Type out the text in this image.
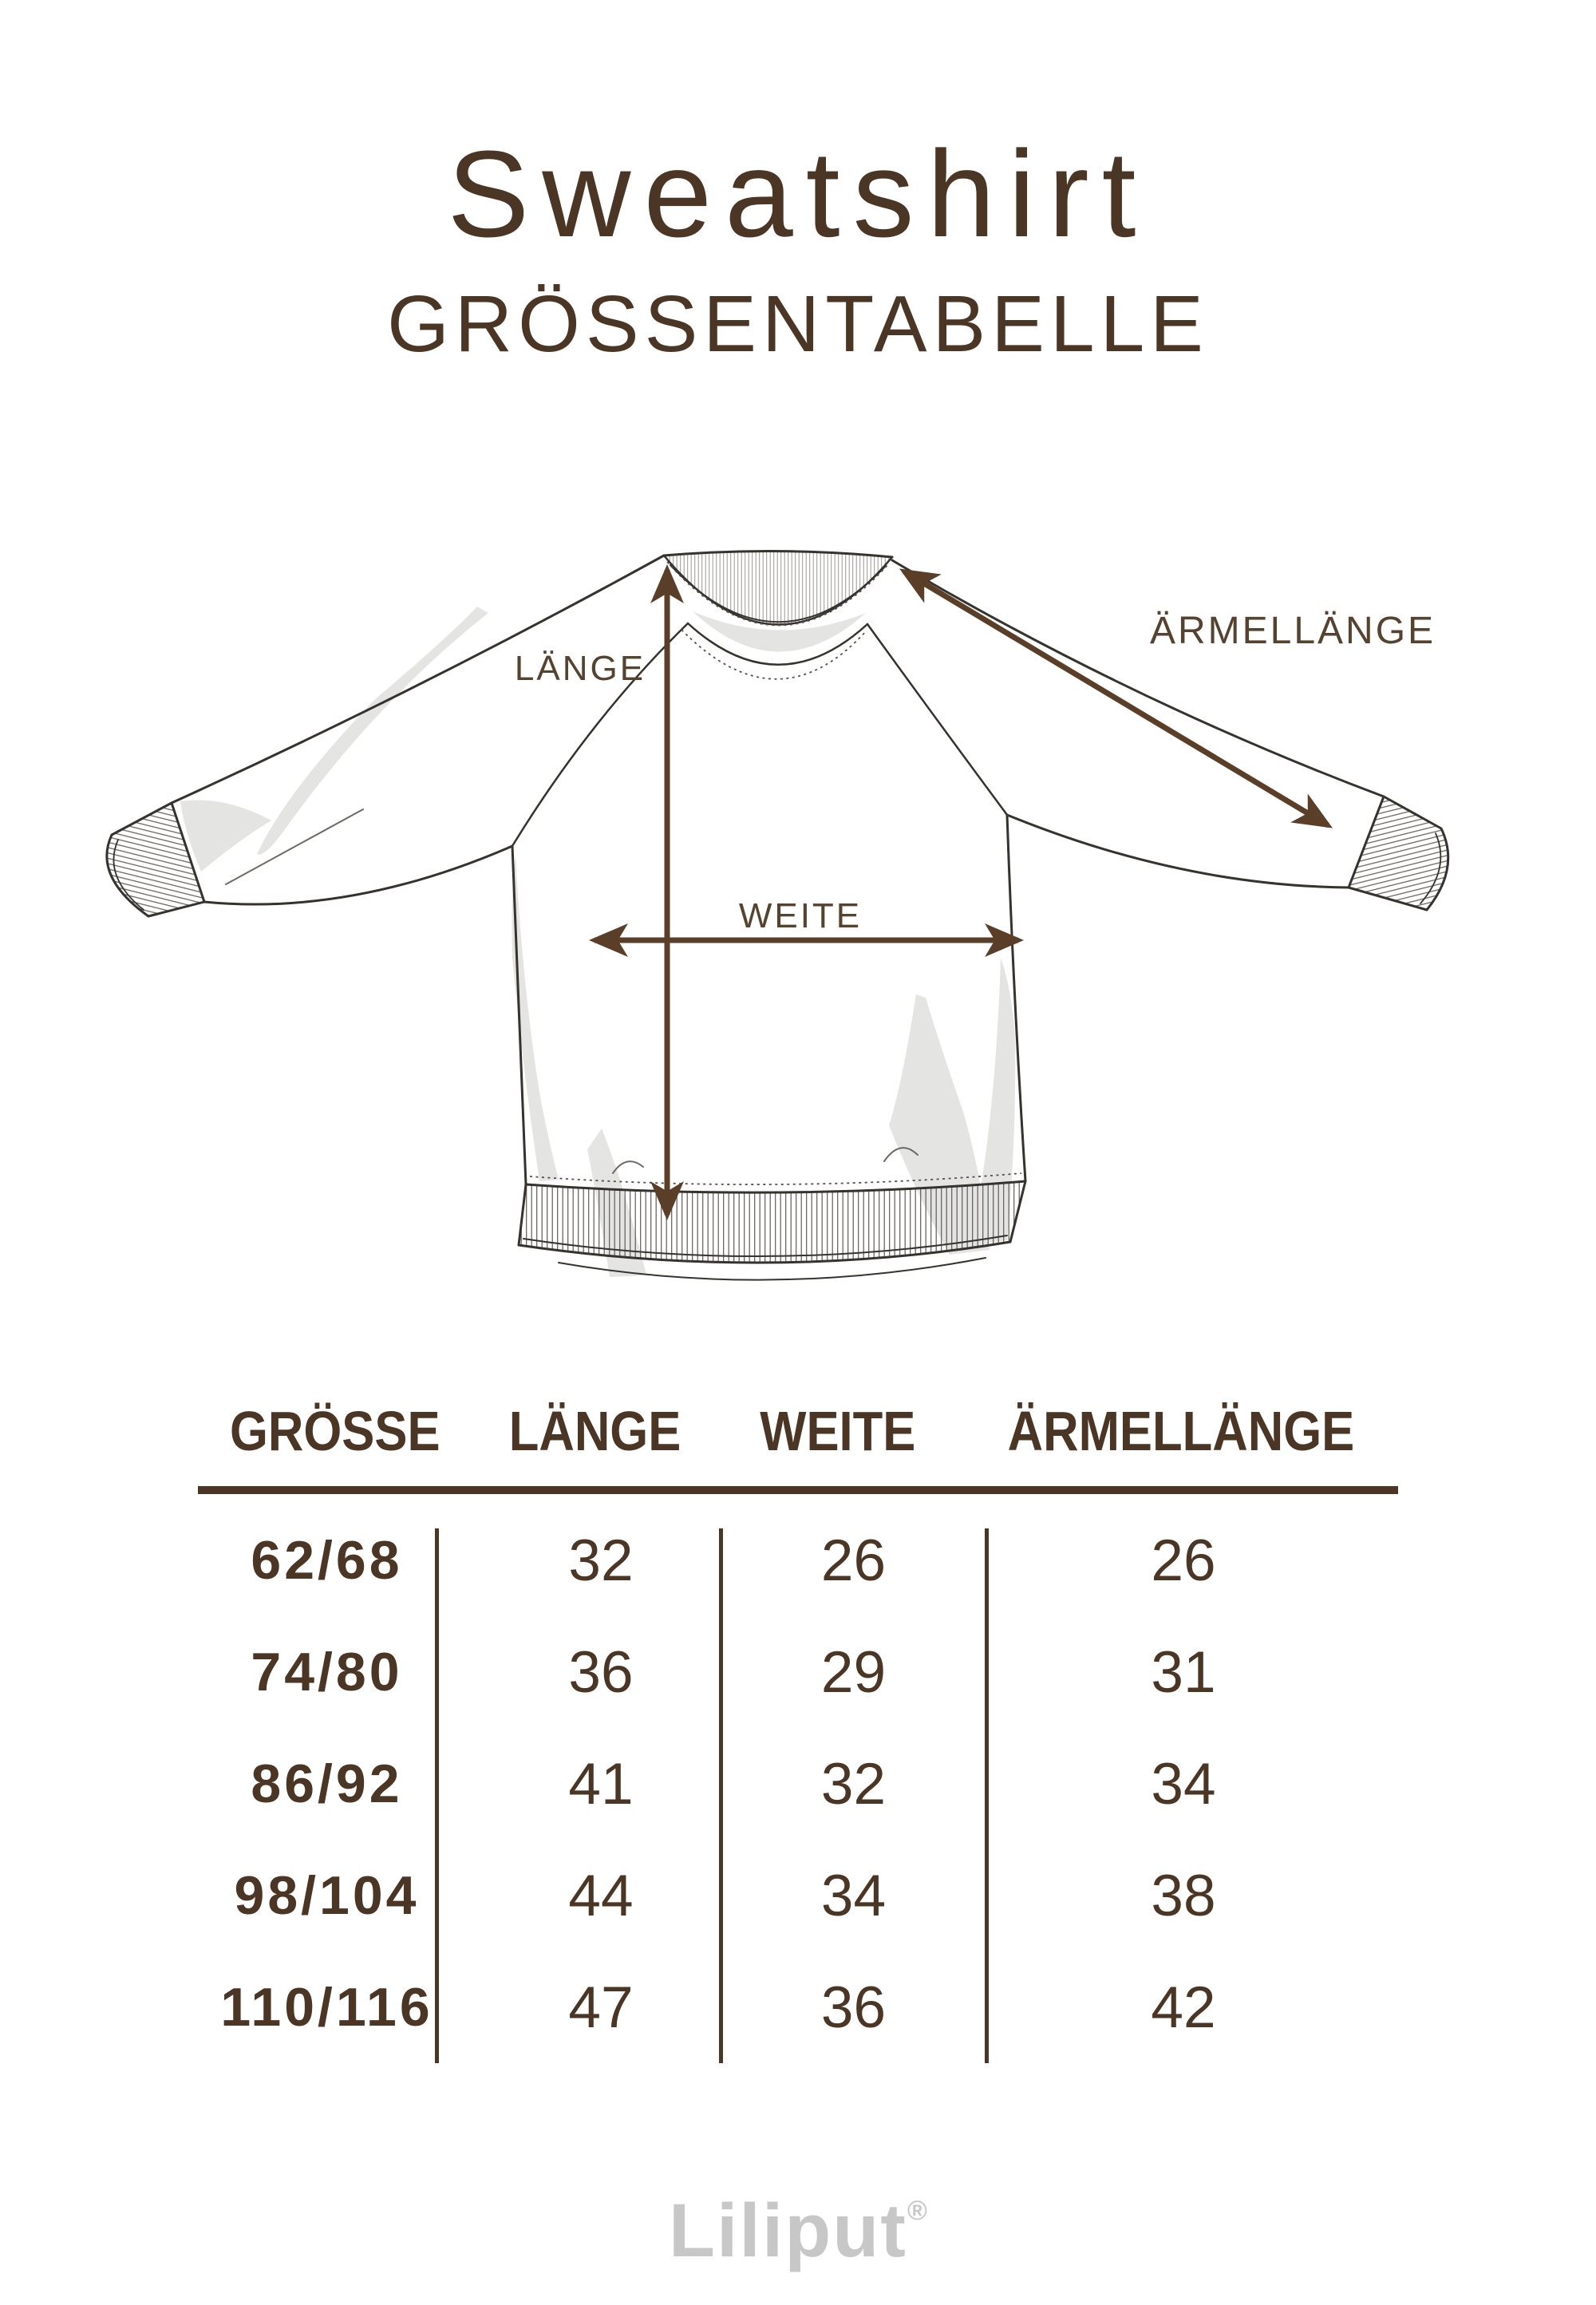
Sweatshirt
GRÖSSENTABELLE
LÄNGE
WEITE
ÄRMELLÄNGE
GRÖSSE LÄNGE WEITE ÄRMELLÄNGE
62/68	32	26	26
74/80	36	29	31
86/92	41	32	34
98/104	44	34	38
110/116 47	36	42
Liliput®
